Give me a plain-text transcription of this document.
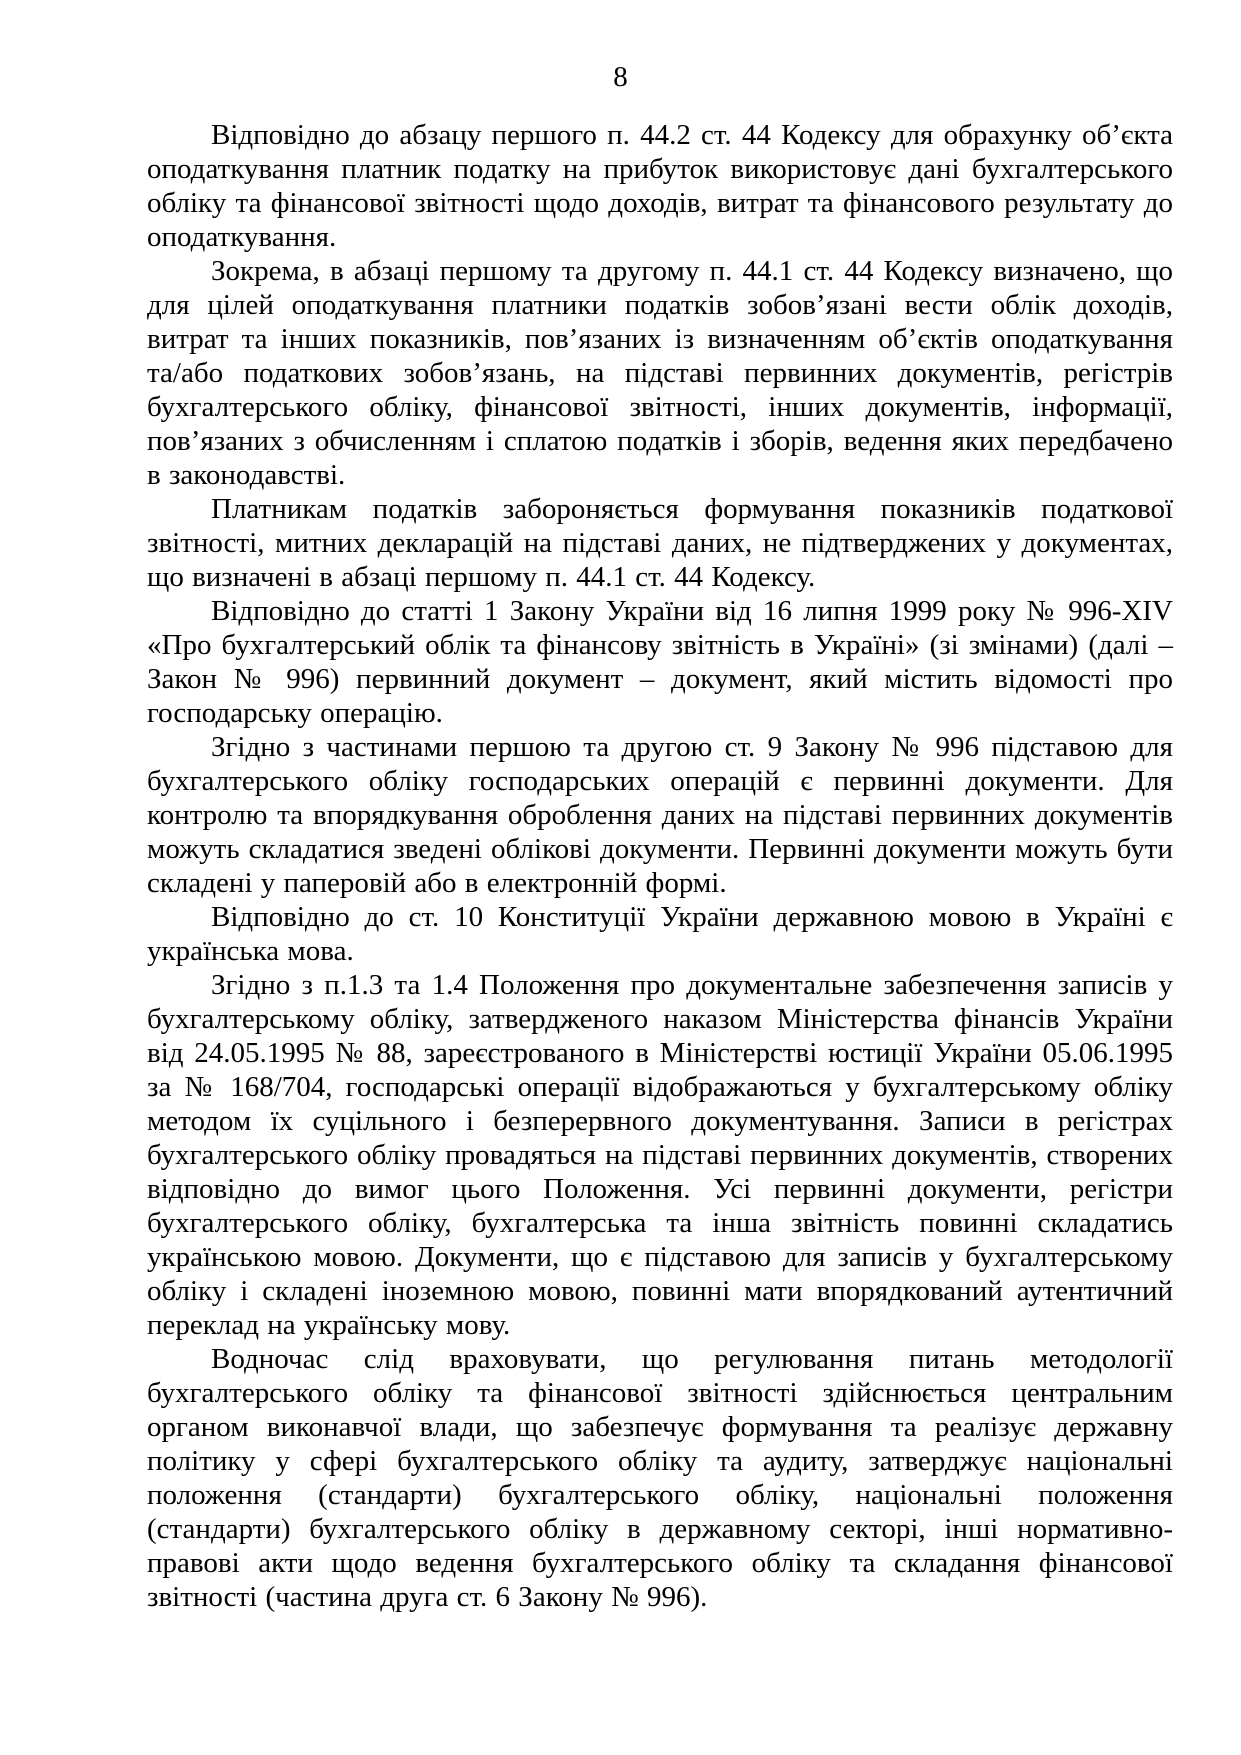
8

Відповідно до абзацу першого п. 44.2 ст. 44 Кодексу для обрахунку об’єкта оподаткування платник податку на прибуток використовує дані бухгалтерського обліку та фінансової звітності щодо доходів, витрат та фінансового результату до оподаткування.

Зокрема, в абзаці першому та другому п. 44.1 ст. 44 Кодексу визначено, що для цілей оподаткування платники податків зобов’язані вести облік доходів, витрат та інших показників, пов’язаних із визначенням об’єктів оподаткування та/або податкових зобов’язань, на підставі первинних документів, регістрів бухгалтерського обліку, фінансової звітності, інших документів, інформації, пов’язаних з обчисленням і сплатою податків і зборів, ведення яких передбачено в законодавстві.

Платникам податків забороняється формування показників податкової звітності, митних декларацій на підставі даних, не підтверджених у документах, що визначені в абзаці першому п. 44.1 ст. 44 Кодексу.

Відповідно до статті 1 Закону України від 16 липня 1999 року № 996-XIV «Про бухгалтерський облік та фінансову звітність в Україні» (зі змінами) (далі – Закон № 996) первинний документ – документ, який містить відомості про господарську операцію.

Згідно з частинами першою та другою ст. 9 Закону № 996 підставою для бухгалтерського обліку господарських операцій є первинні документи. Для контролю та впорядкування оброблення даних на підставі первинних документів можуть складатися зведені облікові документи. Первинні документи можуть бути складені у паперовій або в електронній формі.

Відповідно до ст. 10 Конституції України державною мовою в Україні є українська мова.

Згідно з п.1.3 та 1.4 Положення про документальне забезпечення записів у бухгалтерському обліку, затвердженого наказом Міністерства фінансів України від 24.05.1995 № 88, зареєстрованого в Міністерстві юстиції України 05.06.1995 за № 168/704, господарські операції відображаються у бухгалтерському обліку методом їх суцільного і безперервного документування. Записи в регістрах бухгалтерського обліку провадяться на підставі первинних документів, створених відповідно до вимог цього Положення. Усі первинні документи, регістри бухгалтерського обліку, бухгалтерська та інша звітність повинні складатись українською мовою. Документи, що є підставою для записів у бухгалтерському обліку і складені іноземною мовою, повинні мати впорядкований аутентичний переклад на українську мову.

Водночас слід враховувати, що регулювання питань методології бухгалтерського обліку та фінансової звітності здійснюється центральним органом виконавчої влади, що забезпечує формування та реалізує державну політику у сфері бухгалтерського обліку та аудиту, затверджує національні положення (стандарти) бухгалтерського обліку, національні положення (стандарти) бухгалтерського обліку в державному секторі, інші нормативно-правові акти щодо ведення бухгалтерського обліку та складання фінансової звітності (частина друга ст. 6 Закону № 996).
